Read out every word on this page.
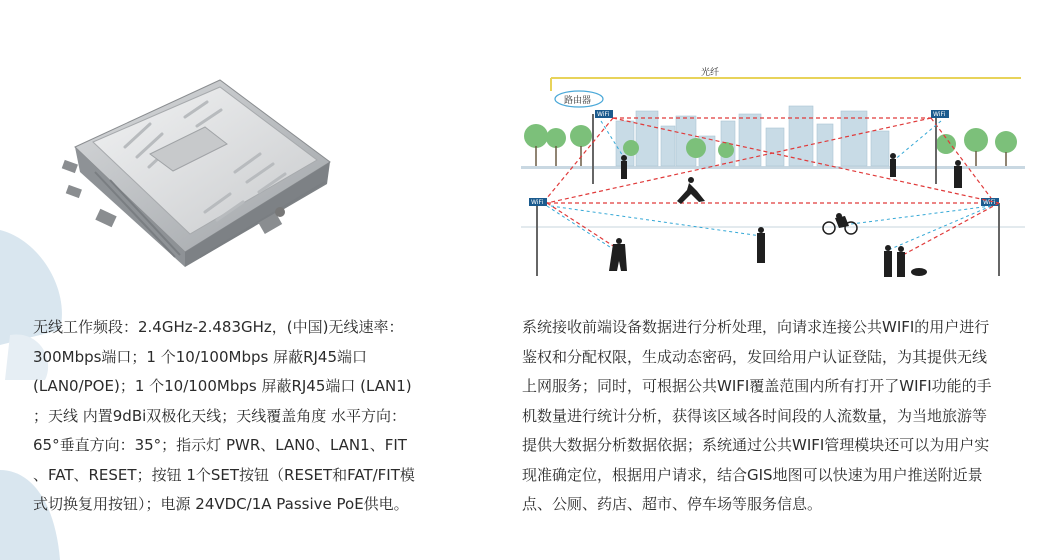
光纤
路由器
WiFi	WiFi
WiFi	WiFi
无线工作频段：2.4GHz-2.483GHz，(中国)无线速率：
300Mbps端口；1 个10/100Mbps 屏蔽RJ45端口
(LAN0/POE)；1 个10/100Mbps 屏蔽RJ45端口 (LAN1)
；天线 内置9dBi双极化天线；天线覆盖角度 水平方向：
65°垂直方向：35°；指示灯 PWR、LAN0、LAN1、FIT
、FAT、RESET；按钮 1个SET按钮（RESET和FAT/FIT模
式切换复用按钮）；电源 24VDC/1A Passive PoE供电。
系统接收前端设备数据进行分析处理，向请求连接公共WIFI的用户进行
鉴权和分配权限，生成动态密码，发回给用户认证登陆，为其提供无线
上网服务；同时，可根据公共WIFI覆盖范围内所有打开了WIFI功能的手
机数量进行统计分析，获得该区域各时间段的人流数量，为当地旅游等
提供大数据分析数据依据；系统通过公共WIFI管理模块还可以为用户实
现准确定位，根据用户请求，结合GIS地图可以快速为用户推送附近景
点、公厕、药店、超市、停车场等服务信息。
